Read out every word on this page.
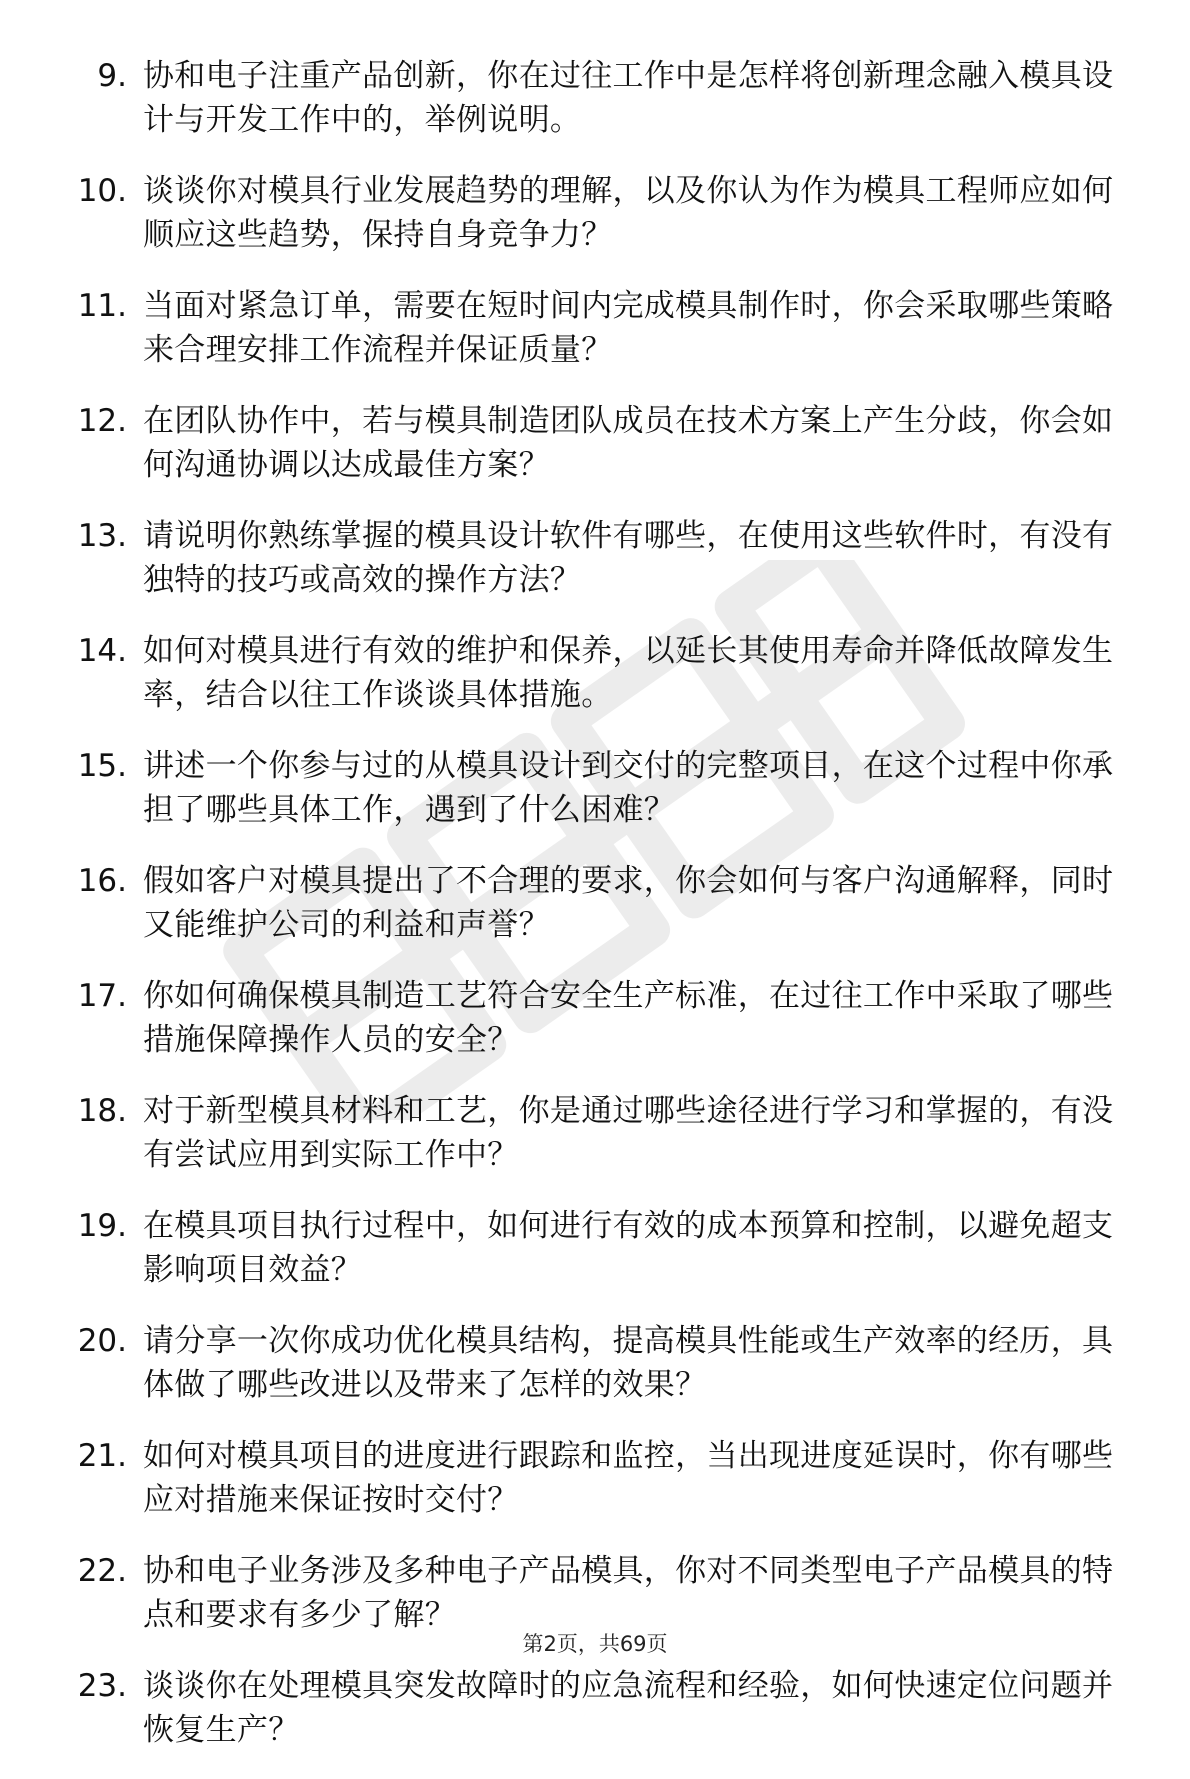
9. 协和电子注重产品创新，你在过往工作中是怎样将创新理念融入模具设计与开发工作中的，举例说明。
10. 谈谈你对模具行业发展趋势的理解，以及你认为作为模具工程师应如何顺应这些趋势，保持自身竞争力？
11. 当面对紧急订单，需要在短时间内完成模具制作时，你会采取哪些策略来合理安排工作流程并保证质量？
12. 在团队协作中，若与模具制造团队成员在技术方案上产生分歧，你会如何沟通协调以达成最佳方案？
13. 请说明你熟练掌握的模具设计软件有哪些，在使用这些软件时，有没有独特的技巧或高效的操作方法？
14. 如何对模具进行有效的维护和保养，以延长其使用寿命并降低故障发生率，结合以往工作谈谈具体措施。
15. 讲述一个你参与过的从模具设计到交付的完整项目，在这个过程中你承担了哪些具体工作，遇到了什么困难？
16. 假如客户对模具提出了不合理的要求，你会如何与客户沟通解释，同时又能维护公司的利益和声誉？
17. 你如何确保模具制造工艺符合安全生产标准，在过往工作中采取了哪些措施保障操作人员的安全？
18. 对于新型模具材料和工艺，你是通过哪些途径进行学习和掌握的，有没有尝试应用到实际工作中？
19. 在模具项目执行过程中，如何进行有效的成本预算和控制，以避免超支影响项目效益？
20. 请分享一次你成功优化模具结构，提高模具性能或生产效率的经历，具体做了哪些改进以及带来了怎样的效果？
21. 如何对模具项目的进度进行跟踪和监控，当出现进度延误时，你有哪些应对措施来保证按时交付？
22. 协和电子业务涉及多种电子产品模具，你对不同类型电子产品模具的特点和要求有多少了解？
23. 谈谈你在处理模具突发故障时的应急流程和经验，如何快速定位问题并恢复生产？
第2页，共69页
